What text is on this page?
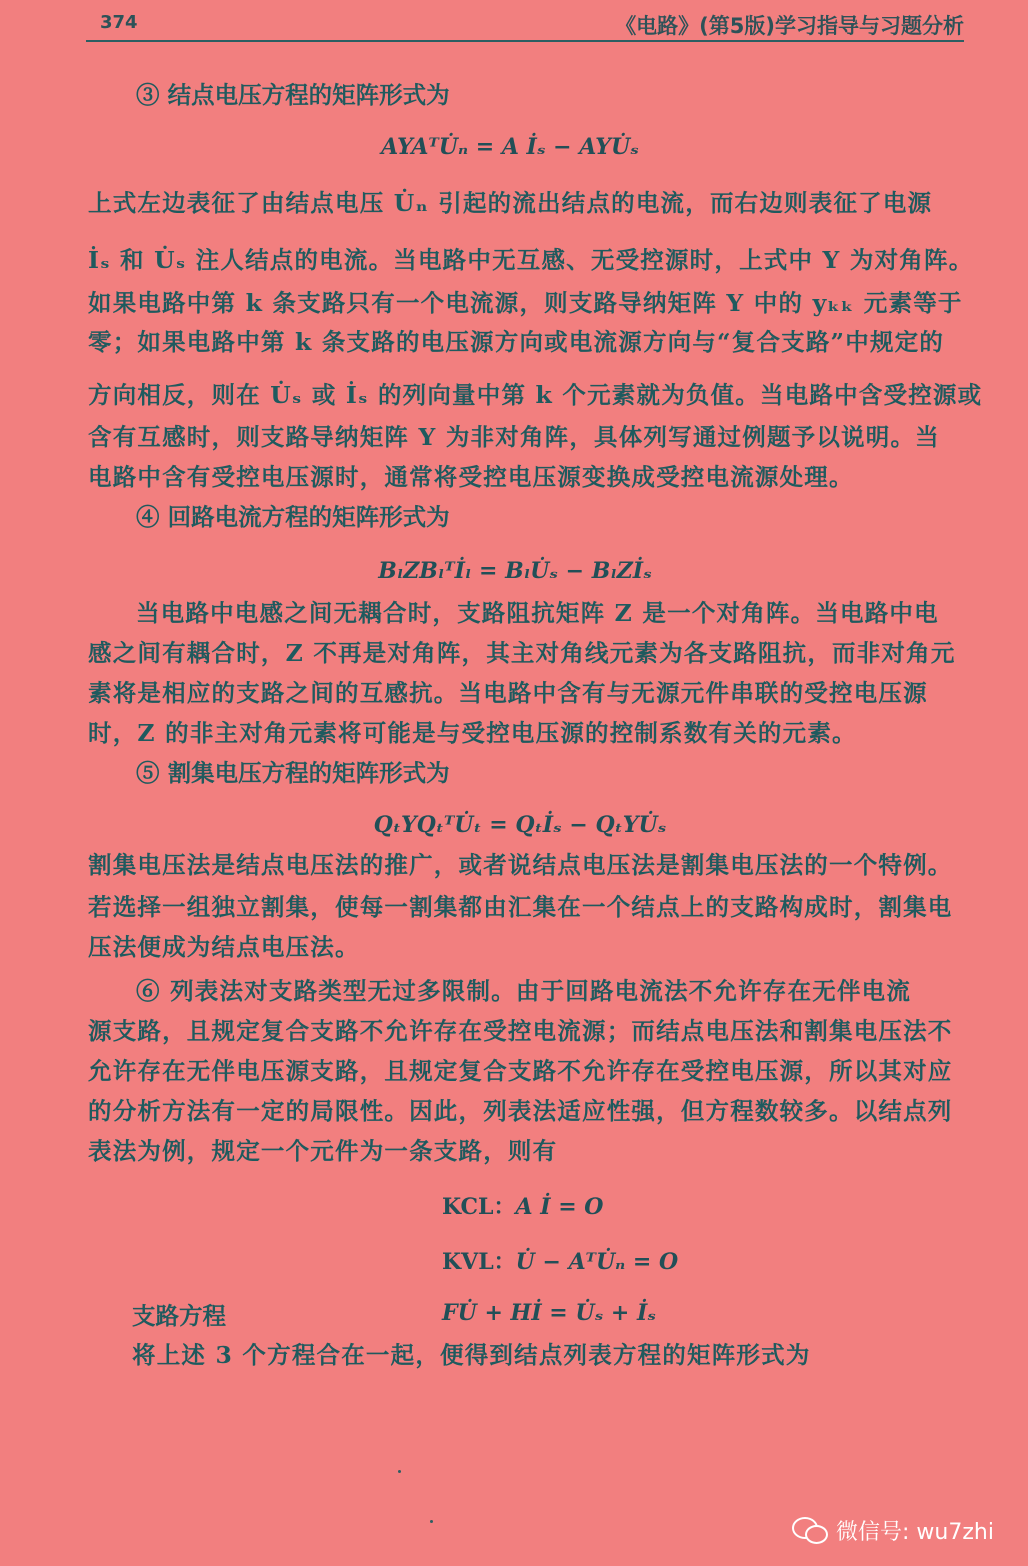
374	《电路》(第5版)学习指导与习题分析
③ 结点电压方程的矩阵形式为
AYAᵀU̇ₙ = A İₛ − AYU̇ₛ
上式左边表征了由结点电压 U̇ₙ 引起的流出结点的电流，而右边则表征了电源
İₛ 和 U̇ₛ 注人结点的电流。当电路中无互感、无受控源时，上式中 Y 为对角阵。
如果电路中第 k 条支路只有一个电流源，则支路导纳矩阵 Y 中的 yₖₖ 元素等于
零；如果电路中第 k 条支路的电压源方向或电流源方向与“复合支路”中规定的
方向相反，则在 U̇ₛ 或 İₛ 的列向量中第 k 个元素就为负值。当电路中含受控源或
含有互感时，则支路导纳矩阵 Y 为非对角阵，具体列写通过例题予以说明。当
电路中含有受控电压源时，通常将受控电压源变换成受控电流源处理。
④ 回路电流方程的矩阵形式为
BₗZBₗᵀİₗ = BₗU̇ₛ − BₗZİₛ
当电路中电感之间无耦合时，支路阻抗矩阵 Z 是一个对角阵。当电路中电
感之间有耦合时，Z 不再是对角阵，其主对角线元素为各支路阻抗，而非对角元
素将是相应的支路之间的互感抗。当电路中含有与无源元件串联的受控电压源
时，Z 的非主对角元素将可能是与受控电压源的控制系数有关的元素。
⑤ 割集电压方程的矩阵形式为
QₜYQₜᵀU̇ₜ = Qₜİₛ − QₜYU̇ₛ
割集电压法是结点电压法的推广，或者说结点电压法是割集电压法的一个特例。
若选择一组独立割集，使每一割集都由汇集在一个结点上的支路构成时，割集电
压法便成为结点电压法。
⑥ 列表法对支路类型无过多限制。由于回路电流法不允许存在无伴电流
源支路，且规定复合支路不允许存在受控电流源；而结点电压法和割集电压法不
允许存在无伴电压源支路，且规定复合支路不允许存在受控电压源，所以其对应
的分析方法有一定的局限性。因此，列表法适应性强，但方程数较多。以结点列
表法为例，规定一个元件为一条支路，则有
KCL：A İ = O
KVL：U̇ − AᵀU̇ₙ = O
支路方程	FU̇ + Hİ = U̇ₛ + İₛ
将上述 3 个方程合在一起，便得到结点列表方程的矩阵形式为
微信号: wu7zhi
